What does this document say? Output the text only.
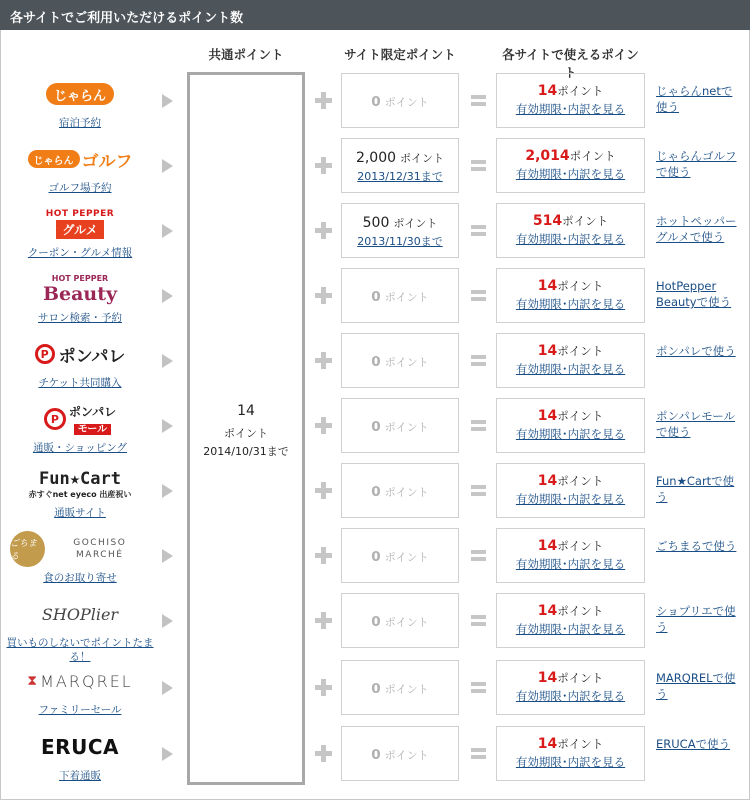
各サイトでご利用いただけるポイント数
共通ポイント	サイト限定ポイント	各サイトで使えるポイント
14
ポイント
2014/10/31まで
じゃらん
宿泊予約
0 ポイント
14ポイント
有効期限･内訳を見る
じゃらんnetで使う
じゃらん ゴルフ
ゴルフ場予約
2,000 ポイント
2013/12/31まで
2,014ポイント
有効期限･内訳を見る
じゃらんゴルフで使う
HOT PEPPER
グルメ
クーポン・グルメ情報
500 ポイント
2013/11/30まで
514ポイント
有効期限･内訳を見る
ホットペッパーグルメで使う
HOT PEPPER
Beauty
サロン検索・予約
0 ポイント
14ポイント
有効期限･内訳を見る
HotPepper Beautyで使う
P ポンパレ
チケット共同購入
0 ポイント
14ポイント
有効期限･内訳を見る
ポンパレで使う
P ポンパレ
モール
通販・ショッピング
0 ポイント
14ポイント
有効期限･内訳を見る
ポンパレモールで使う
Fun★Cart
赤すぐnet eyeco 出産祝い
通販サイト
0 ポイント
14ポイント
有効期限･内訳を見る
Fun★Cartで使う
ごちまる
GOCHISO MARCHÉ
食のお取り寄せ
0 ポイント
14ポイント
有効期限･内訳を見る
ごちまるで使う
SHOPlier
買いものしないでポイントたまる！
0 ポイント
14ポイント
有効期限･内訳を見る
ショプリエで使う
⧗ MARQREL
ファミリーセール
0 ポイント
14ポイント
有効期限･内訳を見る
MARQRELで使う
ERUCA
下着通販
0 ポイント
14ポイント
有効期限･内訳を見る
ERUCAで使う
